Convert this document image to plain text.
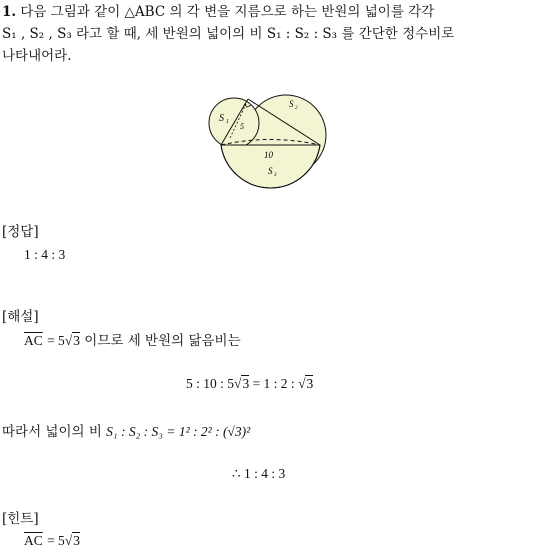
1. 다음 그림과 같이 △ABC 의 각 변을 지름으로 하는 반원의 넓이를 각각
S₁ , S₂ , S₃ 라고 할 때, 세 반원의 넓이의 비 S₁ : S₂ : S₃ 를 간단한 정수비로
나타내어라.
S 1
S 2
S 3
10
5
[정답]
1 : 4 : 3
[해설]
$\overline{AC} = 5√3$ 이므로 세 반원의 닮음비는
5 : 10 : 5√3 = 1 : 2 : √3
따라서 넓이의 비 S₁ : S₂ : S₃ = 1² : 2² : (√3)²
∴ 1 : 4 : 3
[힌트]
$\overline{AC} = 5√3$
